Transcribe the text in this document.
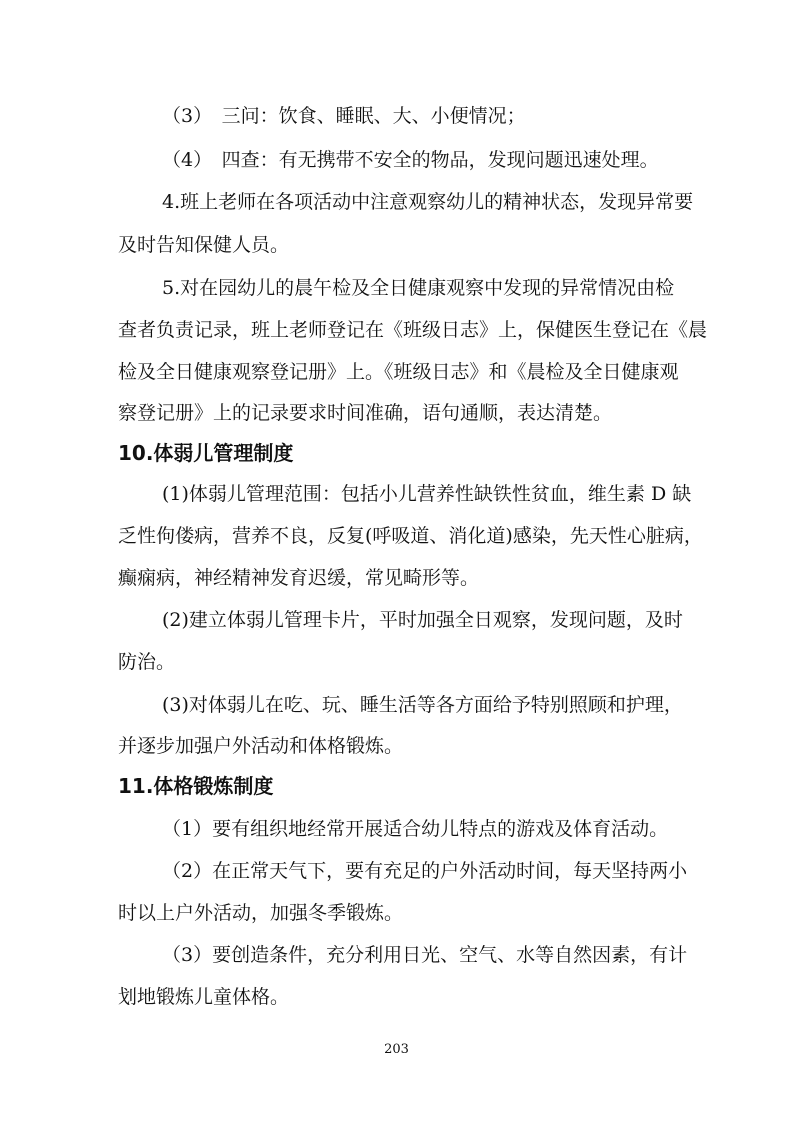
（3）　三问：饮食、睡眠、大、小便情况；
（4）　四查：有无携带不安全的物品，发现问题迅速处理。
4.班上老师在各项活动中注意观察幼儿的精神状态，发现异常要
及时告知保健人员。
5.对在园幼儿的晨午检及全日健康观察中发现的异常情况由检
查者负责记录，班上老师登记在《班级日志》上，保健医生登记在《晨
检及全日健康观察登记册》上。《班级日志》和《晨检及全日健康观
察登记册》上的记录要求时间准确，语句通顺，表达清楚。
10.体弱儿管理制度
(1)体弱儿管理范围：包括小儿营养性缺铁性贫血，维生素 D 缺
乏性佝偻病，营养不良，反复(呼吸道、消化道)感染，先天性心脏病，
癫痫病，神经精神发育迟缓，常见畸形等。
(2)建立体弱儿管理卡片，平时加强全日观察，发现问题，及时
防治。
(3)对体弱儿在吃、玩、睡生活等各方面给予特别照顾和护理，
并逐步加强户外活动和体格锻炼。
11.体格锻炼制度
（1）要有组织地经常开展适合幼儿特点的游戏及体育活动。
（2）在正常天气下，要有充足的户外活动时间，每天坚持两小
时以上户外活动，加强冬季锻炼。
（3）要创造条件，充分利用日光、空气、水等自然因素，有计
划地锻炼儿童体格。
203
